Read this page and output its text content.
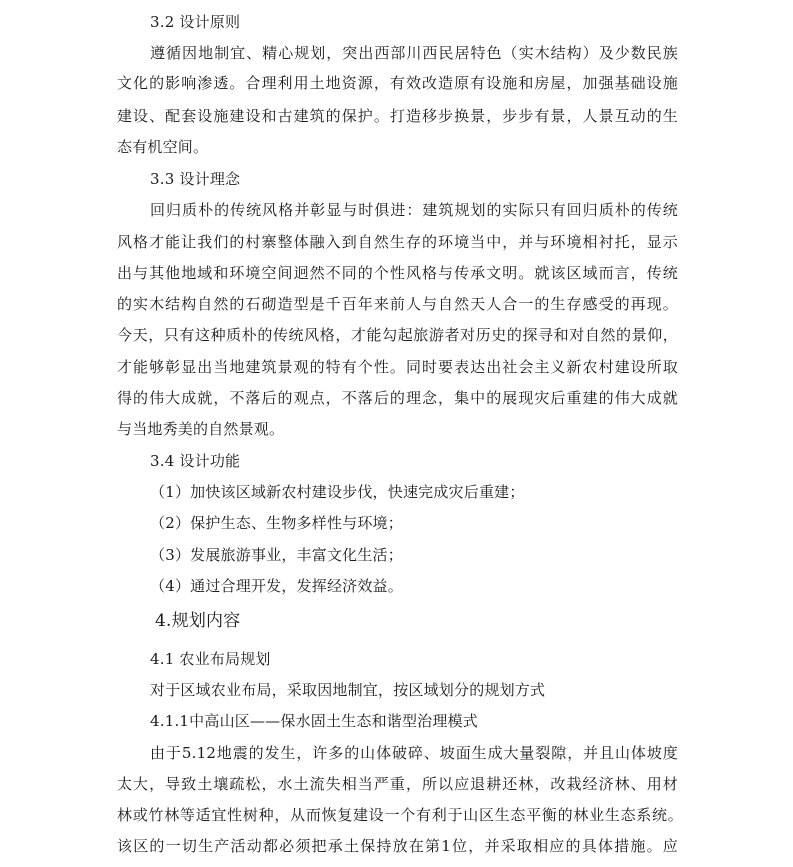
3.2 设计原则
遵循因地制宜、精心规划，突出西部川西民居特色（实木结构）及少数民族
文化的影响渗透。合理利用土地资源，有效改造原有设施和房屋，加强基础设施
建设、配套设施建设和古建筑的保护。打造移步换景，步步有景，人景互动的生
态有机空间。
3.3 设计理念
回归质朴的传统风格并彰显与时俱进：建筑规划的实际只有回归质朴的传统
风格才能让我们的村寨整体融入到自然生存的环境当中，并与环境相衬托，显示
出与其他地域和环境空间迥然不同的个性风格与传承文明。就该区域而言，传统
的实木结构自然的石砌造型是千百年来前人与自然天人合一的生存感受的再现。
今天，只有这种质朴的传统风格，才能勾起旅游者对历史的探寻和对自然的景仰，
才能够彰显出当地建筑景观的特有个性。同时要表达出社会主义新农村建设所取
得的伟大成就，不落后的观点，不落后的理念，集中的展现灾后重建的伟大成就
与当地秀美的自然景观。
3.4 设计功能
（1）加快该区域新农村建设步伐，快速完成灾后重建；
（2）保护生态、生物多样性与环境；
（3）发展旅游事业，丰富文化生活；
（4）通过合理开发，发挥经济效益。
4.规划内容
4.1 农业布局规划
对于区域农业布局，采取因地制宜，按区域划分的规划方式
4.1.1中高山区——保水固土生态和谐型治理模式
由于5.12地震的发生，许多的山体破碎、坡面生成大量裂隙，并且山体坡度
太大，导致土壤疏松，水土流失相当严重，所以应退耕还林，改栽经济林、用材
林或竹林等适宜性树种，从而恢复建设一个有利于山区生态平衡的林业生态系统。
该区的一切生产活动都必须把承土保持放在第1位，并采取相应的具体措施。应
